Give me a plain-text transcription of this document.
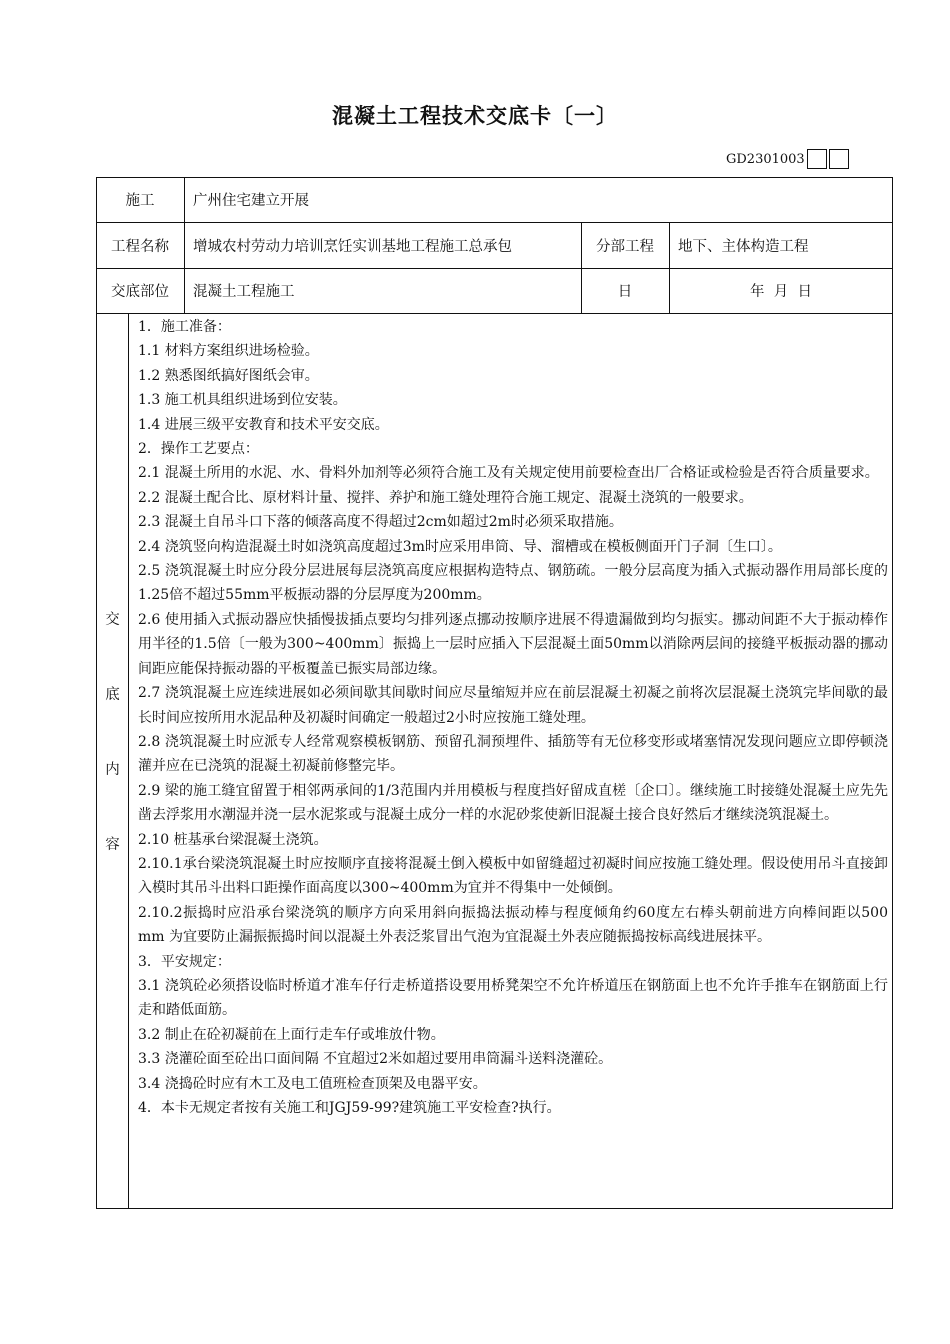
混凝土工程技术交底卡〔一〕
GD2301003
施工	广州住宅建立开展
工程名称	增城农村劳动力培训烹饪实训基地工程施工总承包	分部工程	地下、主体构造工程
交底部位	混凝土工程施工	日	年  月  日
交
底
内
容

1．施工准备：

1.1 材料方案组织进场检验。

1.2 熟悉图纸搞好图纸会审。

1.3 施工机具组织进场到位安装。

1.4 进展三级平安教育和技术平安交底。

2．操作工艺要点：

2.1 混凝土所用的水泥、水、骨料外加剂等必须符合施工及有关规定使用前要检查出厂合格证或检验是否符合质量要求。

2.2 混凝土配合比、原材料计量、搅拌、养护和施工缝处理符合施工规定、混凝土浇筑的一般要求。

2.3 混凝土自吊斗口下落的倾落高度不得超过2cm如超过2m时必须采取措施。

2.4 浇筑竖向构造混凝土时如浇筑高度超过3m时应采用串筒、导、溜槽或在模板侧面开门子洞〔生口〕。

2.5 浇筑混凝土时应分段分层进展每层浇筑高度应根据构造特点、钢筋疏。一般分层高度为插入式振动器作用局部长度的1.25倍不超过55mm平板振动器的分层厚度为200mm。

2.6 使用插入式振动器应快插慢拔插点要均匀排列逐点挪动按顺序进展不得遗漏做到均匀振实。挪动间距不大于振动棒作用半径的1.5倍〔一般为300~400mm〕振捣上一层时应插入下层混凝土面50mm以消除两层间的接缝平板振动器的挪动间距应能保持振动器的平板覆盖已振实局部边缘。

2.7 浇筑混凝土应连续进展如必须间歇其间歇时间应尽量缩短并应在前层混凝土初凝之前将次层混凝土浇筑完毕间歇的最长时间应按所用水泥品种及初凝时间确定一般超过2小时应按施工缝处理。

2.8 浇筑混凝土时应派专人经常观察模板钢筋、预留孔洞预埋件、插筋等有无位移变形或堵塞情况发现问题应立即停顿浇灌并应在已浇筑的混凝土初凝前修整完毕。

2.9 梁的施工缝宜留置于相邻两承间的1/3范围内并用模板与程度挡好留成直槎〔企口〕。继续施工时接缝处混凝土应先先凿去浮浆用水潮湿并浇一层水泥浆或与混凝土成分一样的水泥砂浆使新旧混凝土接合良好然后才继续浇筑混凝土。

2.10 桩基承台梁混凝土浇筑。

2.10.1承台梁浇筑混凝土时应按顺序直接将混凝土倒入模板中如留缝超过初凝时间应按施工缝处理。假设使用吊斗直接卸入模时其吊斗出料口距操作面高度以300~400mm为宜并不得集中一处倾倒。

2.10.2振捣时应沿承台梁浇筑的顺序方向采用斜向振捣法振动棒与程度倾角约60度左右棒头朝前进方向棒间距以500 mm 为宜要防止漏振振捣时间以混凝土外表泛浆冒出气泡为宜混凝土外表应随振捣按标高线进展抹平。

3．平安规定：

3.1 浇筑砼必须搭设临时桥道才准车仔行走桥道搭设要用桥凳架空不允许桥道压在钢筋面上也不允许手推车在钢筋面上行走和踏低面筋。

3.2 制止在砼初凝前在上面行走车仔或堆放什物。

3.3 浇灌砼面至砼出口面间隔 不宜超过2米如超过要用串筒漏斗送料浇灌砼。

3.4 浇捣砼时应有木工及电工值班检查顶架及电器平安。

4．本卡无规定者按有关施工和JGJ59-99?建筑施工平安检查?执行。
